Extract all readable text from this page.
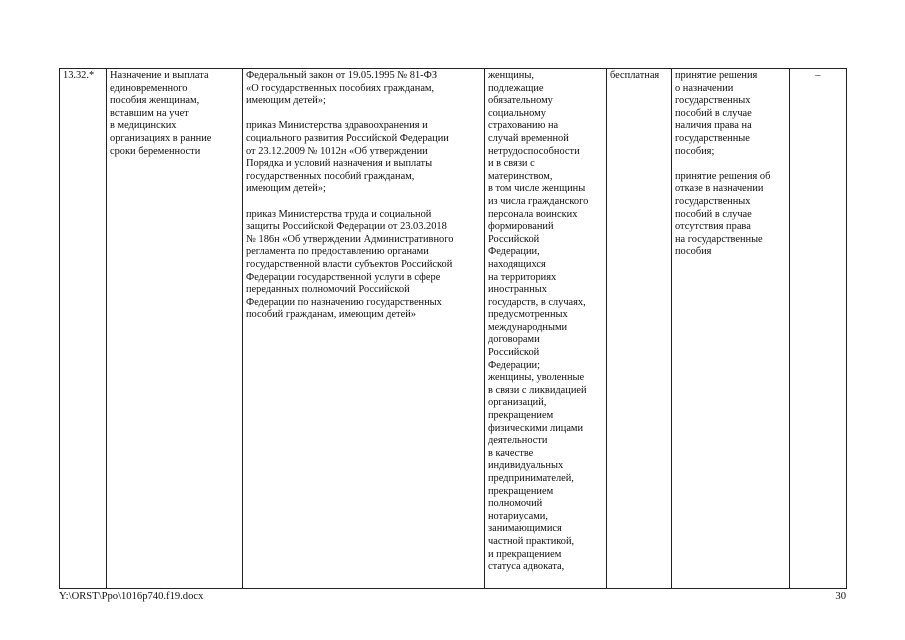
13.32.*	Назначение и выплата
единовременного
пособия женщинам,
вставшим на учет
в медицинских
организациях в ранние
сроки беременности	Федеральный закон от 19.05.1995 № 81-ФЗ
«О государственных пособиях гражданам,
имеющим детей»;

приказ Министерства здравоохранения и
социального развития Российской Федерации
от 23.12.2009 № 1012н «Об утверждении
Порядка и условий назначения и выплаты
государственных пособий гражданам,
имеющим детей»;

приказ Министерства труда и социальной
защиты Российской Федерации от 23.03.2018
№ 186н «Об утверждении Административного
регламента по предоставлению органами
государственной власти субъектов Российской
Федерации государственной услуги в сфере
переданных полномочий Российской
Федерации по назначению государственных
пособий гражданам, имеющим детей»	женщины,
подлежащие
обязательному
социальному
страхованию на
случай временной
нетрудоспособности
и в связи с
материнством,
в том числе женщины
из числа гражданского
персонала воинских
формирований
Российской
Федерации,
находящихся
на территориях
иностранных
государств, в случаях,
предусмотренных
международными
договорами
Российской
Федерации;
женщины, уволенные
в связи с ликвидацией
организаций,
прекращением
физическими лицами
деятельности
в качестве
индивидуальных
предпринимателей,
прекращением
полномочий
нотариусами,
занимающимися
частной практикой,
и прекращением
статуса адвоката,	бесплатная	принятие решения
о назначении
государственных
пособий в случае
наличия права на
государственные
пособия;

принятие решения об
отказе в назначении
государственных
пособий в случае
отсутствия права
на государственные
пособия	–
Y:\ORST\Ppo\1016p740.f19.docx	30
